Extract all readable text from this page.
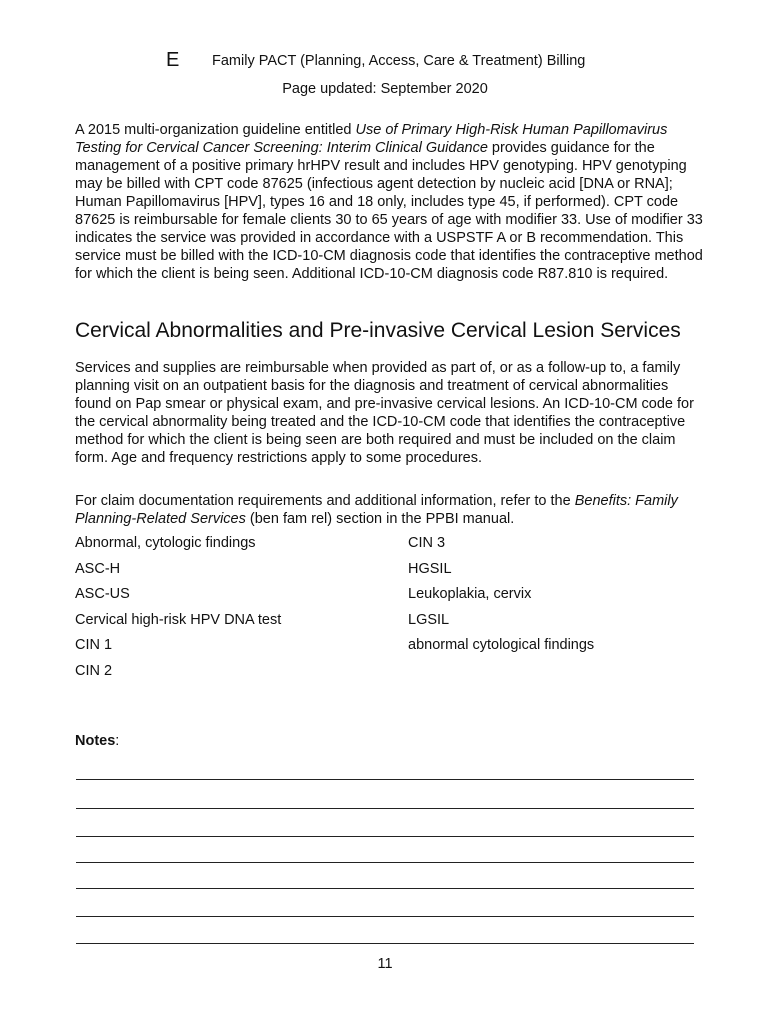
E Family PACT (Planning, Access, Care & Treatment) Billing
Page updated: September 2020

A 2015 multi-organization guideline entitled Use of Primary High-Risk Human Papillomavirus Testing for Cervical Cancer Screening: Interim Clinical Guidance provides guidance for the management of a positive primary hrHPV result and includes HPV genotyping. HPV genotyping may be billed with CPT code 87625 (infectious agent detection by nucleic acid [DNA or RNA]; Human Papillomavirus [HPV], types 16 and 18 only, includes type 45, if performed). CPT code 87625 is reimbursable for female clients 30 to 65 years of age with modifier 33. Use of modifier 33 indicates the service was provided in accordance with a USPSTF A or B recommendation. This service must be billed with the ICD-10-CM diagnosis code that identifies the contraceptive method for which the client is being seen. Additional ICD-10-CM diagnosis code R87.810 is required.

Cervical Abnormalities and Pre-invasive Cervical Lesion Services

Services and supplies are reimbursable when provided as part of, or as a follow-up to, a family planning visit on an outpatient basis for the diagnosis and treatment of cervical abnormalities found on Pap smear or physical exam, and pre-invasive cervical lesions. An ICD-10-CM code for the cervical abnormality being treated and the ICD-10-CM code that identifies the contraceptive method for which the client is being seen are both required and must be included on the claim form. Age and frequency restrictions apply to some procedures.

For claim documentation requirements and additional information, refer to the Benefits: Family Planning-Related Services (ben fam rel) section in the PPBI manual.

Abnormal, cytologic findings
ASC-H
ASC-US
Cervical high-risk HPV DNA test
CIN 1
CIN 2
CIN 3
HGSIL
Leukoplakia, cervix
LGSIL
abnormal cytological findings
Notes:
11
